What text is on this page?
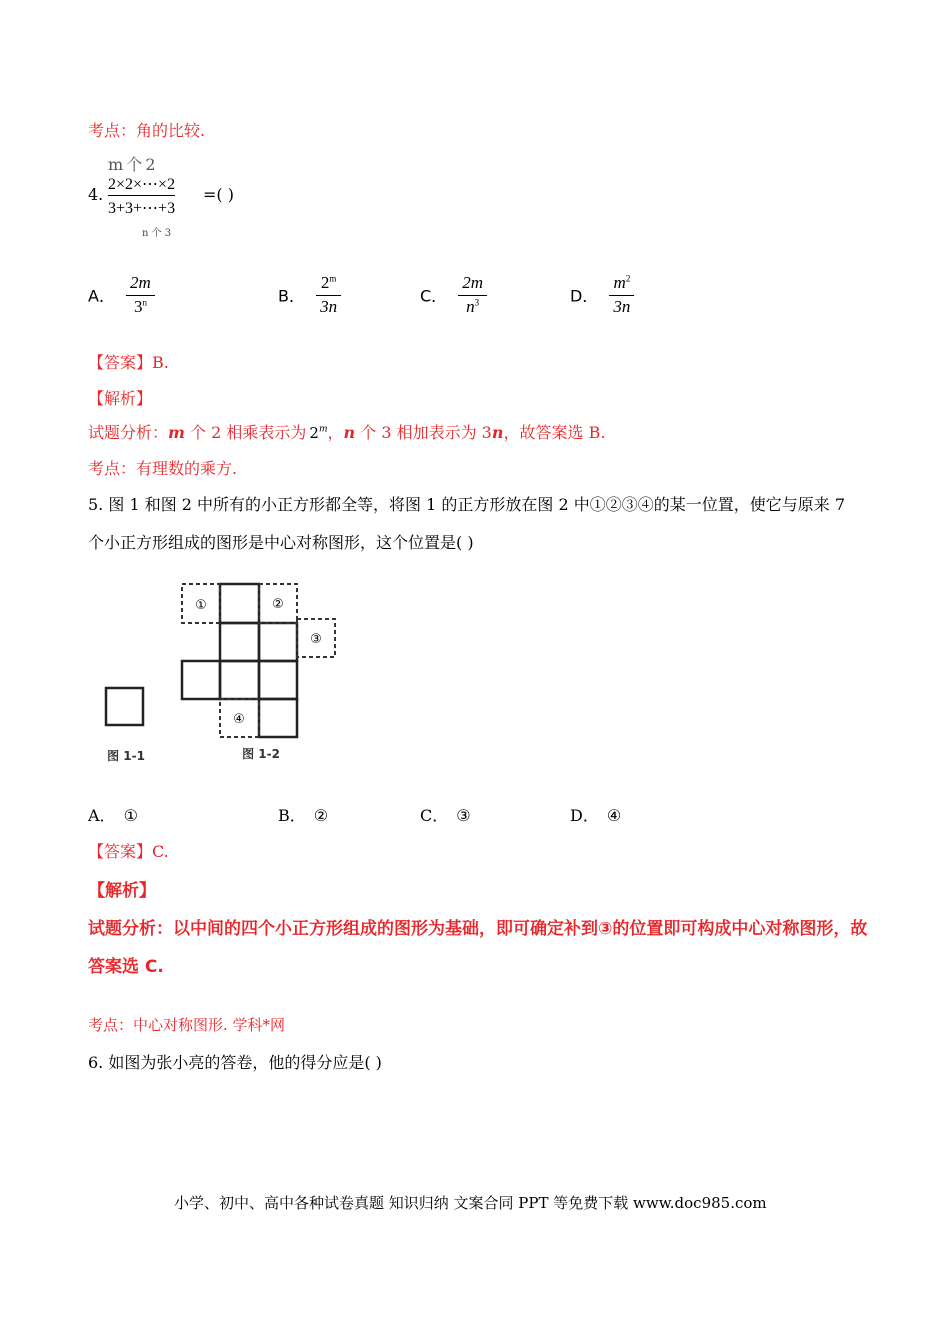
考点：角的比较.
4.
m 个 2
2×2×⋯×2
3+3+⋯+3
n 个 3
=( )
A． $\frac{2m}{3^n}$	B． $\frac{2^m}{3n}$	C． $\frac{2m}{n^3}$	D． $\frac{m^2}{3n}$
【答案】B.
【解析】
试题分析：m 个 2 相乘表示为 2$^m$，n 个 3 相加表示为 3n，故答案选 B.
考点：有理数的乘方.
5. 图 1 和图 2 中所有的小正方形都全等，将图 1 的正方形放在图 2 中①②③④的某一位置，使它与原来 7
个小正方形组成的图形是中心对称图形，这个位置是( )
①	②
③
④
图 1-1	图 1-2
A． ①	B． ②	C． ③	D． ④
【答案】C.
【解析】
试题分析：以中间的四个小正方形组成的图形为基础，即可确定补到③的位置即可构成中心对称图形，故
答案选 C.
考点：中心对称图形. 学科*网
6. 如图为张小亮的答卷，他的得分应是( )
小学、初中、高中各种试卷真题 知识归纳 文案合同 PPT 等免费下载 www.doc985.com
